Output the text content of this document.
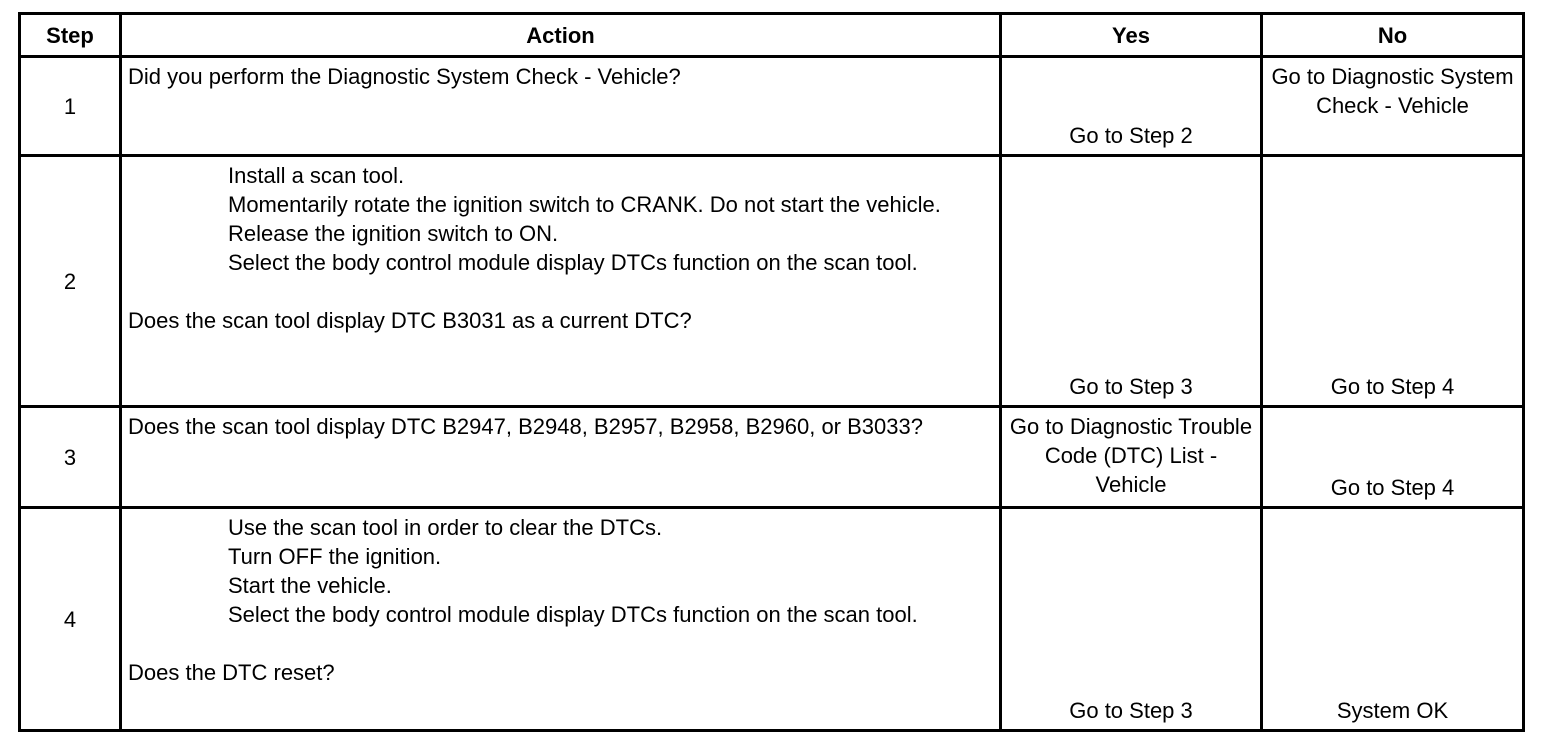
Step	Action	Yes	No
1	Did you perform the Diagnostic System Check - Vehicle?	Go to Step 2	Go to Diagnostic System Check - Vehicle
2	Install a scan tool.
Momentarily rotate the ignition switch to CRANK. Do not start the vehicle.
Release the ignition switch to ON.
Select the body control module display DTCs function on the scan tool.
Does the scan tool display DTC B3031 as a current DTC?	Go to Step 3	Go to Step 4
3	Does the scan tool display DTC B2947, B2948, B2957, B2958, B2960, or B3033?	Go to Diagnostic Trouble Code (DTC) List - Vehicle	Go to Step 4
4	Use the scan tool in order to clear the DTCs.
Turn OFF the ignition.
Start the vehicle.
Select the body control module display DTCs function on the scan tool.
Does the DTC reset?	Go to Step 3	System OK
